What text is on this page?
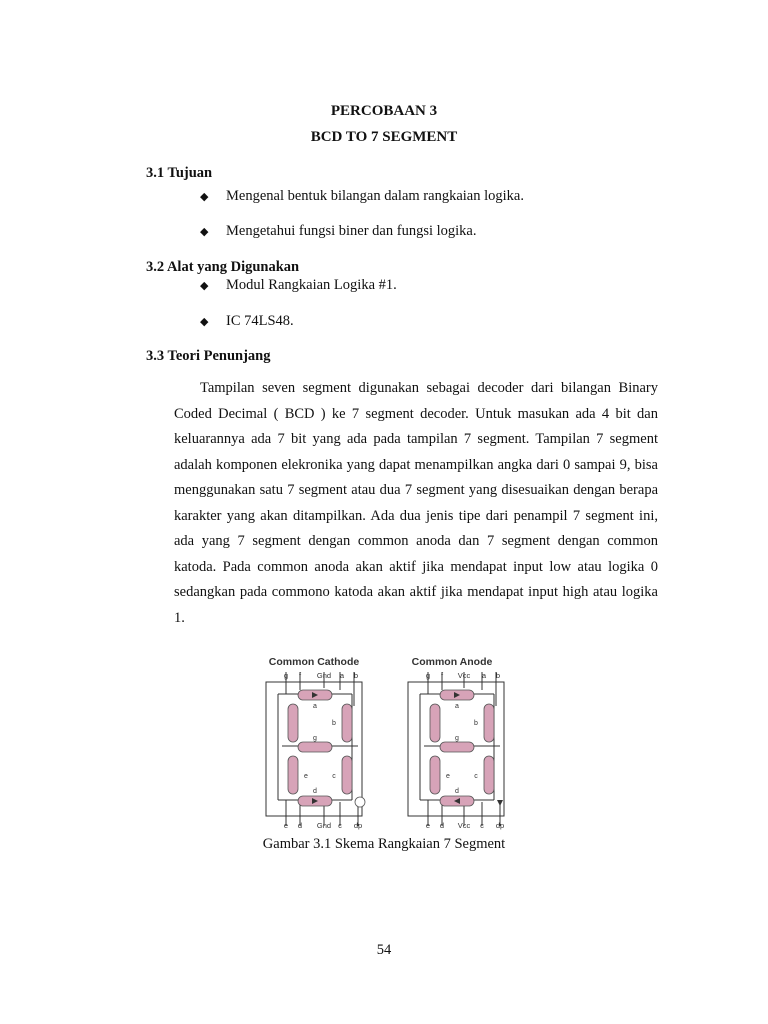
PERCOBAAN 3
BCD TO 7 SEGMENT
3.1 Tujuan
◆ Mengenal bentuk bilangan dalam rangkaian logika.
◆ Mengetahui fungsi biner dan fungsi logika.
3.2 Alat yang Digunakan
◆ Modul Rangkaian Logika #1.
◆ IC 74LS48.
3.3 Teori Penunjang
Tampilan seven segment digunakan sebagai decoder dari bilangan Binary Coded Decimal ( BCD ) ke 7 segment decoder. Untuk masukan ada 4 bit dan keluarannya ada 7 bit yang ada pada tampilan 7 segment. Tampilan 7 segment adalah komponen elekronika yang dapat menampilkan angka dari 0 sampai 9, bisa menggunakan satu 7 segment atau dua 7 segment yang disesuaikan dengan berapa karakter yang akan ditampilkan. Ada dua jenis tipe dari penampil 7 segment ini, ada yang 7 segment dengan common anoda dan 7 segment dengan common katoda. Pada common anoda akan aktif jika mendapat input low atau logika 0 sedangkan pada commono katoda akan aktif jika mendapat input high atau logika 1.
Common Cathode	Common Anode
g f Gnd a b
e d Gnd c dp
g f Vcc a b
e d Vcc c dp
a
b
g
e	c
d
a
b
g
e	c
d
Gambar 3.1 Skema Rangkaian 7 Segment
54
